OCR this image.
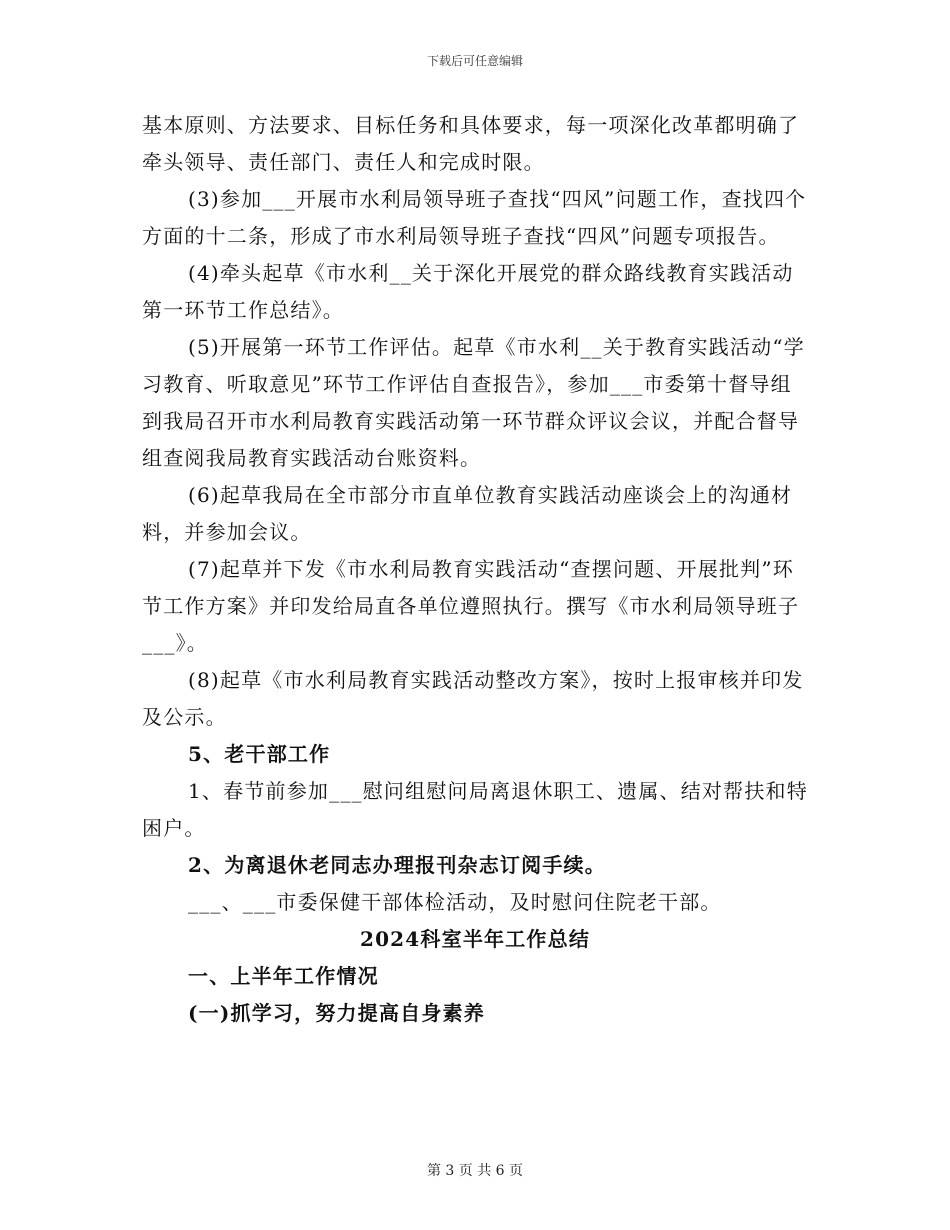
下载后可任意编辑

基本原则、方法要求、目标任务和具体要求，每一项深化改革都明确了牵头领导、责任部门、责任人和完成时限。

(3)参加___开展市水利局领导班子查找“四风”问题工作，查找四个方面的十二条，形成了市水利局领导班子查找“四风”问题专项报告。

(4)牵头起草《市水利__关于深化开展党的群众路线教育实践活动第一环节工作总结》。

(5)开展第一环节工作评估。起草《市水利__关于教育实践活动“学习教育、听取意见”环节工作评估自查报告》，参加___市委第十督导组到我局召开市水利局教育实践活动第一环节群众评议会议，并配合督导组查阅我局教育实践活动台账资料。

(6)起草我局在全市部分市直单位教育实践活动座谈会上的沟通材料，并参加会议。

(7)起草并下发《市水利局教育实践活动“查摆问题、开展批判”环节工作方案》并印发给局直各单位遵照执行。撰写《市水利局领导班子___》。

(8)起草《市水利局教育实践活动整改方案》，按时上报审核并印发及公示。

5、老干部工作

1、春节前参加___慰问组慰问局离退休职工、遗属、结对帮扶和特困户。

2、为离退休老同志办理报刊杂志订阅手续。

___、___市委保健干部体检活动，及时慰问住院老干部。

2024科室半年工作总结

一、上半年工作情况

(一)抓学习，努力提高自身素养

第 3 页 共 6 页
